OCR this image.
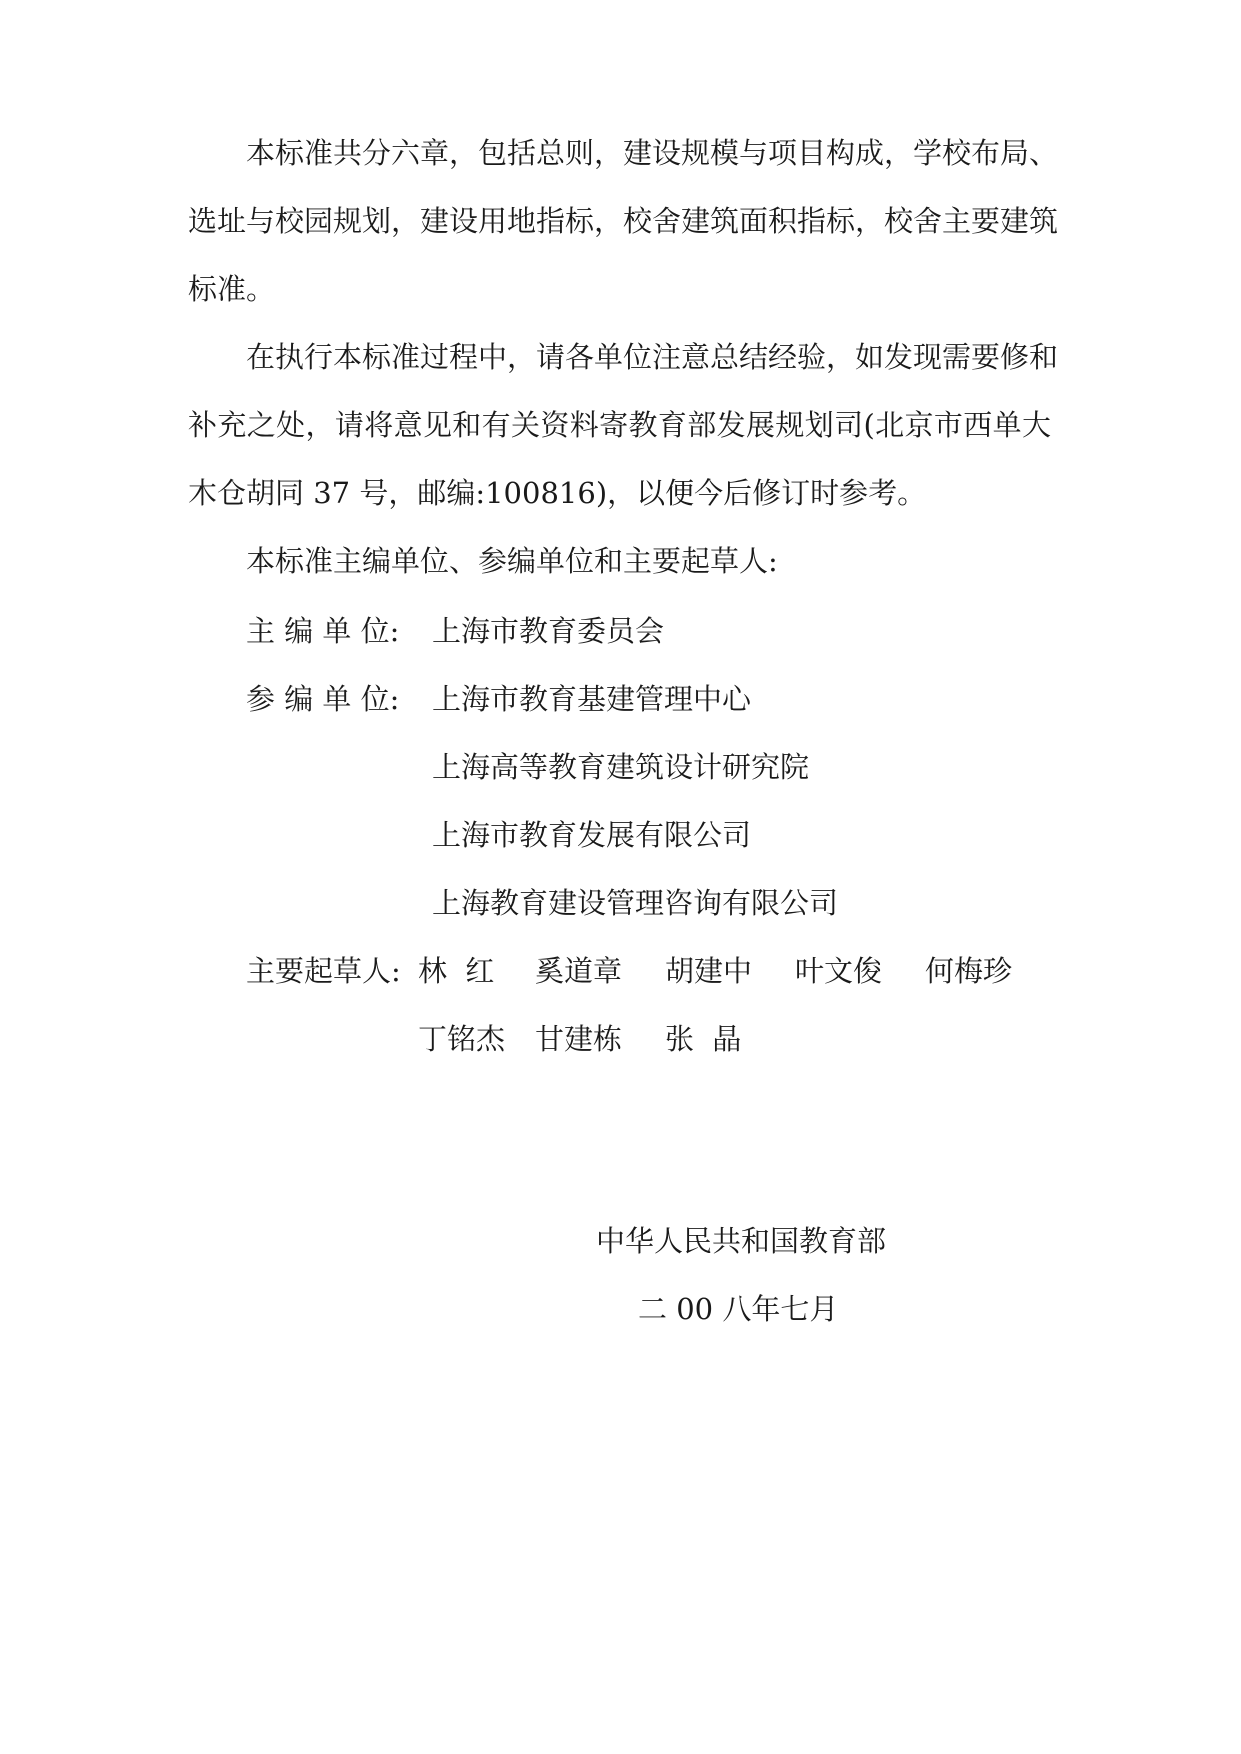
本标准共分六章，包括总则，建设规模与项目构成，学校布局、
选址与校园规划，建设用地指标，校舍建筑面积指标，校舍主要建筑
标准。
在执行本标准过程中，请各单位注意总结经验，如发现需要修和
补充之处，请将意见和有关资料寄教育部发展规划司(北京市西单大
木仓胡同 37 号，邮编:100816)，以便今后修订时参考。
本标准主编单位、参编单位和主要起草人:
主 编 单 位: 上海市教育委员会
参 编 单 位: 上海市教育基建管理中心
上海高等教育建筑设计研究院
上海市教育发展有限公司
上海教育建设管理咨询有限公司
主要起草人: 林  红 奚道章 胡建中 叶文俊 何梅珍
丁铭杰 甘建栋 张  晶
中华人民共和国教育部
二 00 八年七月
